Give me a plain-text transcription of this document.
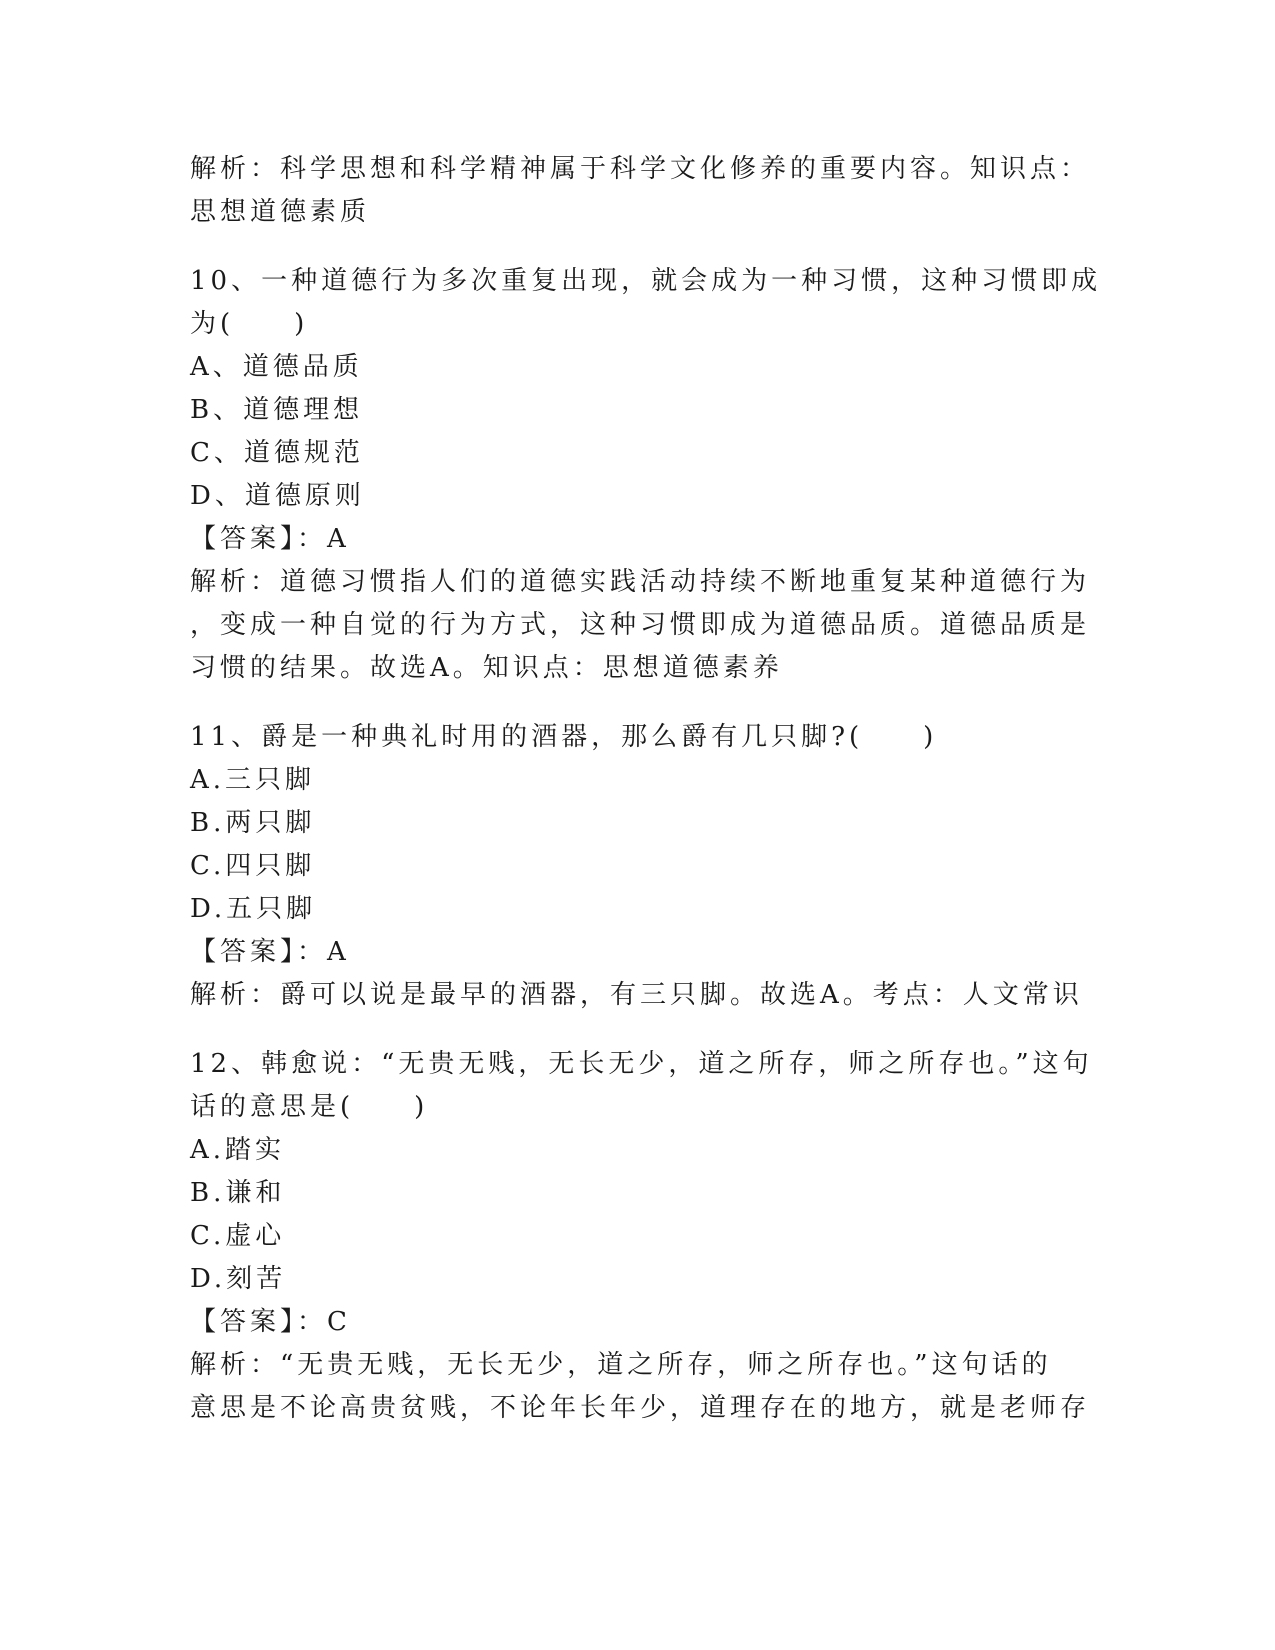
解析：科学思想和科学精神属于科学文化修养的重要内容。知识点：
思想道德素质
10、一种道德行为多次重复出现，就会成为一种习惯，这种习惯即成
为(　　)
A、道德品质
B、道德理想
C、道德规范
D、道德原则
【答案】：A
解析：道德习惯指人们的道德实践活动持续不断地重复某种道德行为
，变成一种自觉的行为方式，这种习惯即成为道德品质。道德品质是
习惯的结果。故选A。知识点：思想道德素养
11、爵是一种典礼时用的酒器，那么爵有几只脚?(　　)
A.三只脚
B.两只脚
C.四只脚
D.五只脚
【答案】：A
解析：爵可以说是最早的酒器，有三只脚。故选A。考点：人文常识
12、韩愈说：“无贵无贱，无长无少，道之所存，师之所存也。”这句
话的意思是(　　)
A.踏实
B.谦和
C.虚心
D.刻苦
【答案】：C
解析：“无贵无贱，无长无少，道之所存，师之所存也。”这句话的
意思是不论高贵贫贱，不论年长年少，道理存在的地方，就是老师存
